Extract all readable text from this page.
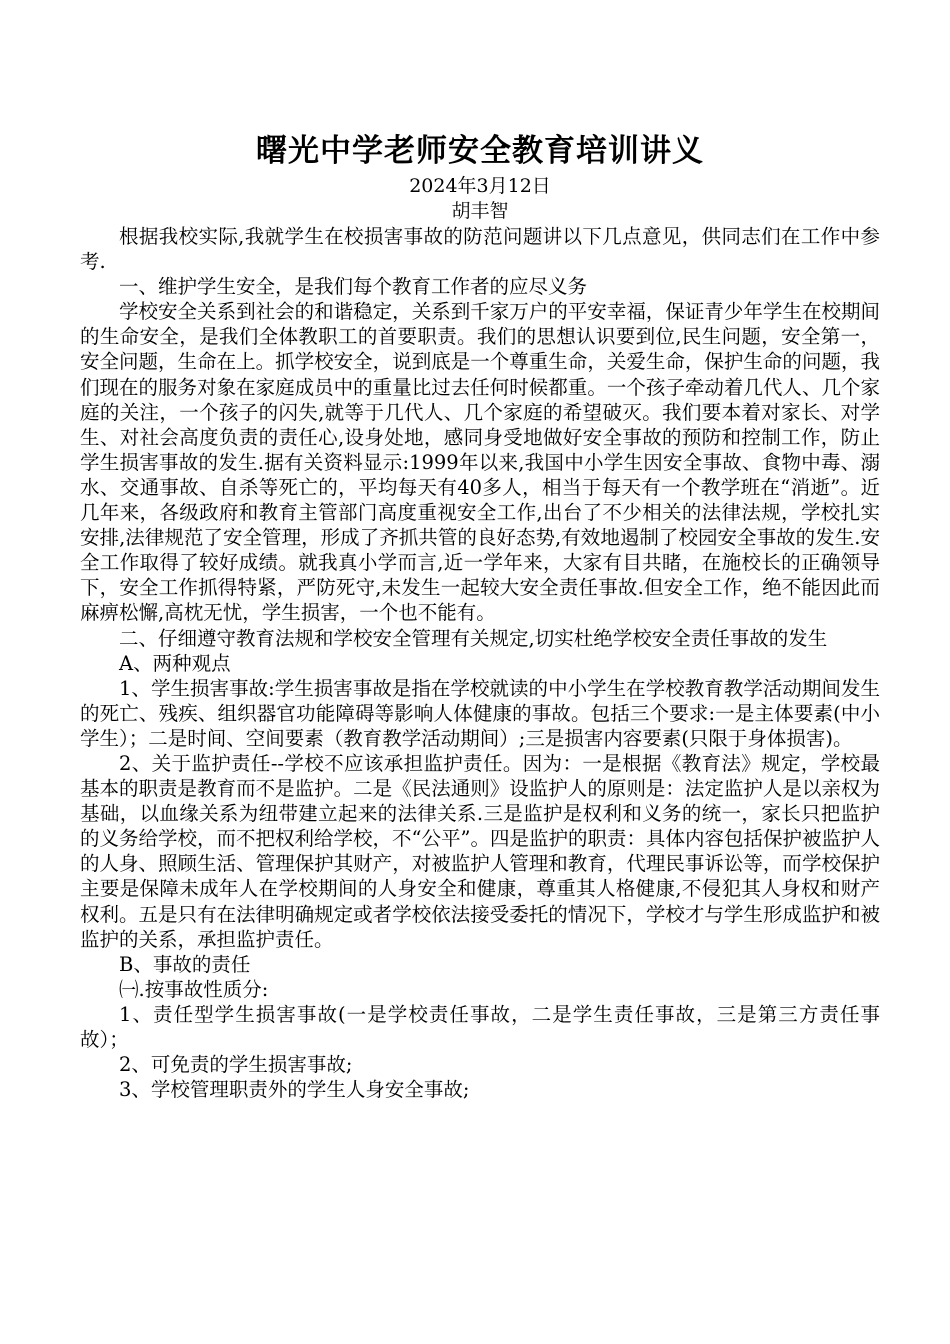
曙光中学老师安全教育培训讲义
2024年3月12日
胡丰智

根据我校实际,我就学生在校损害事故的防范问题讲以下几点意见，供同志们在工作中参考.

一、维护学生安全，是我们每个教育工作者的应尽义务

学校安全关系到社会的和谐稳定，关系到千家万户的平安幸福，保证青少年学生在校期间的生命安全，是我们全体教职工的首要职责。我们的思想认识要到位,民生问题，安全第一，安全问题，生命在上。抓学校安全，说到底是一个尊重生命，关爱生命，保护生命的问题，我们现在的服务对象在家庭成员中的重量比过去任何时候都重。一个孩子牵动着几代人、几个家庭的关注，一个孩子的闪失,就等于几代人、几个家庭的希望破灭。我们要本着对家长、对学生、对社会高度负责的责任心,设身处地，感同身受地做好安全事故的预防和控制工作，防止学生损害事故的发生.据有关资料显示:1999年以来,我国中小学生因安全事故、食物中毒、溺水、交通事故、自杀等死亡的，平均每天有40多人，相当于每天有一个教学班在“消逝”。近几年来，各级政府和教育主管部门高度重视安全工作,出台了不少相关的法律法规，学校扎实安排,法律规范了安全管理，形成了齐抓共管的良好态势,有效地遏制了校园安全事故的发生.安全工作取得了较好成绩。就我真小学而言,近一学年来，大家有目共睹，在施校长的正确领导下，安全工作抓得特紧，严防死守,未发生一起较大安全责任事故.但安全工作，绝不能因此而麻痹松懈,高枕无忧，学生损害，一个也不能有。

二、仔细遵守教育法规和学校安全管理有关规定,切实杜绝学校安全责任事故的发生

A、两种观点

1、学生损害事故:学生损害事故是指在学校就读的中小学生在学校教育教学活动期间发生的死亡、残疾、组织器官功能障碍等影响人体健康的事故。包括三个要求:一是主体要素(中小学生）；二是时间、空间要素（教育教学活动期间）;三是损害内容要素(只限于身体损害)。

2、关于监护责任--学校不应该承担监护责任。因为：一是根据《教育法》规定，学校最基本的职责是教育而不是监护。二是《民法通则》设监护人的原则是：法定监护人是以亲权为基础，以血缘关系为纽带建立起来的法律关系.三是监护是权利和义务的统一，家长只把监护的义务给学校，而不把权利给学校，不“公平”。四是监护的职责：具体内容包括保护被监护人的人身、照顾生活、管理保护其财产，对被监护人管理和教育，代理民事诉讼等，而学校保护主要是保障未成年人在学校期间的人身安全和健康，尊重其人格健康,不侵犯其人身权和财产权利。五是只有在法律明确规定或者学校依法接受委托的情况下，学校才与学生形成监护和被监护的关系，承担监护责任。

B、事故的责任

㈠.按事故性质分:

1、责任型学生损害事故(一是学校责任事故，二是学生责任事故，三是第三方责任事故）；

2、可免责的学生损害事故;

3、学校管理职责外的学生人身安全事故;
